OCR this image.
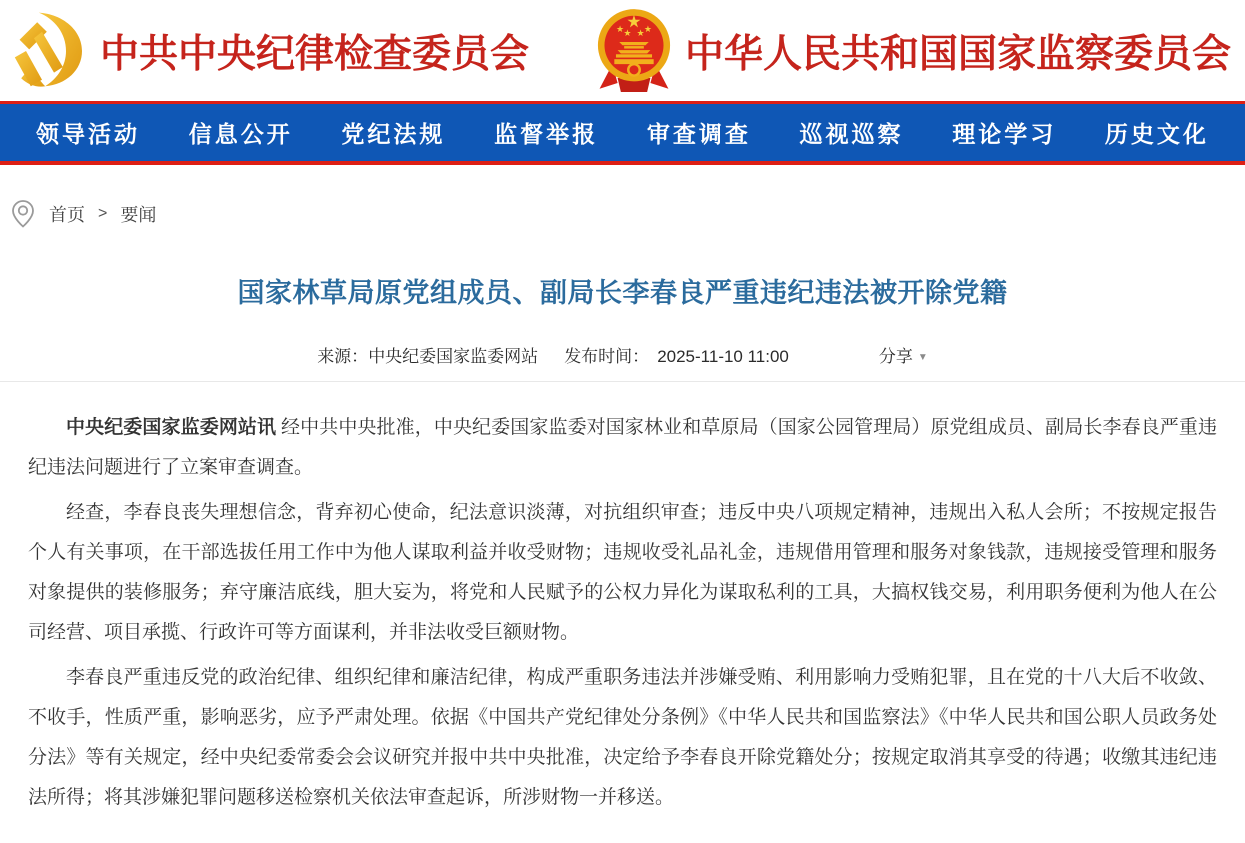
中共中央纪律检查委员会
★
★ ★ ★ ★
中华人民共和国国家监察委员会
领导活动 信息公开 党纪法规 监督举报 审查调查 巡视巡察 理论学习 历史文化
首页 > 要闻
国家林草局原党组成员、副局长李春良严重违纪违法被开除党籍
来源：中央纪委国家监委网站 发布时间： 2025-11-10 11:00	分享 ▼

中央纪委国家监委网站讯 经中共中央批准，中央纪委国家监委对国家林业和草原局（国家公园管理局）原党组成员、副局长李春良严重违纪违法问题进行了立案审查调查。

经查，李春良丧失理想信念，背弃初心使命，纪法意识淡薄，对抗组织审查；违反中央八项规定精神，违规出入私人会所；不按规定报告个人有关事项，在干部选拔任用工作中为他人谋取利益并收受财物；违规收受礼品礼金，违规借用管理和服务对象钱款，违规接受管理和服务对象提供的装修服务；弃守廉洁底线，胆大妄为，将党和人民赋予的公权力异化为谋取私利的工具，大搞权钱交易，利用职务便利为他人在公司经营、项目承揽、行政许可等方面谋利，并非法收受巨额财物。

李春良严重违反党的政治纪律、组织纪律和廉洁纪律，构成严重职务违法并涉嫌受贿、利用影响力受贿犯罪，且在党的十八大后不收敛、不收手，性质严重，影响恶劣，应予严肃处理。依据《中国共产党纪律处分条例》《中华人民共和国监察法》《中华人民共和国公职人员政务处分法》等有关规定，经中央纪委常委会会议研究并报中共中央批准，决定给予李春良开除党籍处分；按规定取消其享受的待遇；收缴其违纪违法所得；将其涉嫌犯罪问题移送检察机关依法审查起诉，所涉财物一并移送。
